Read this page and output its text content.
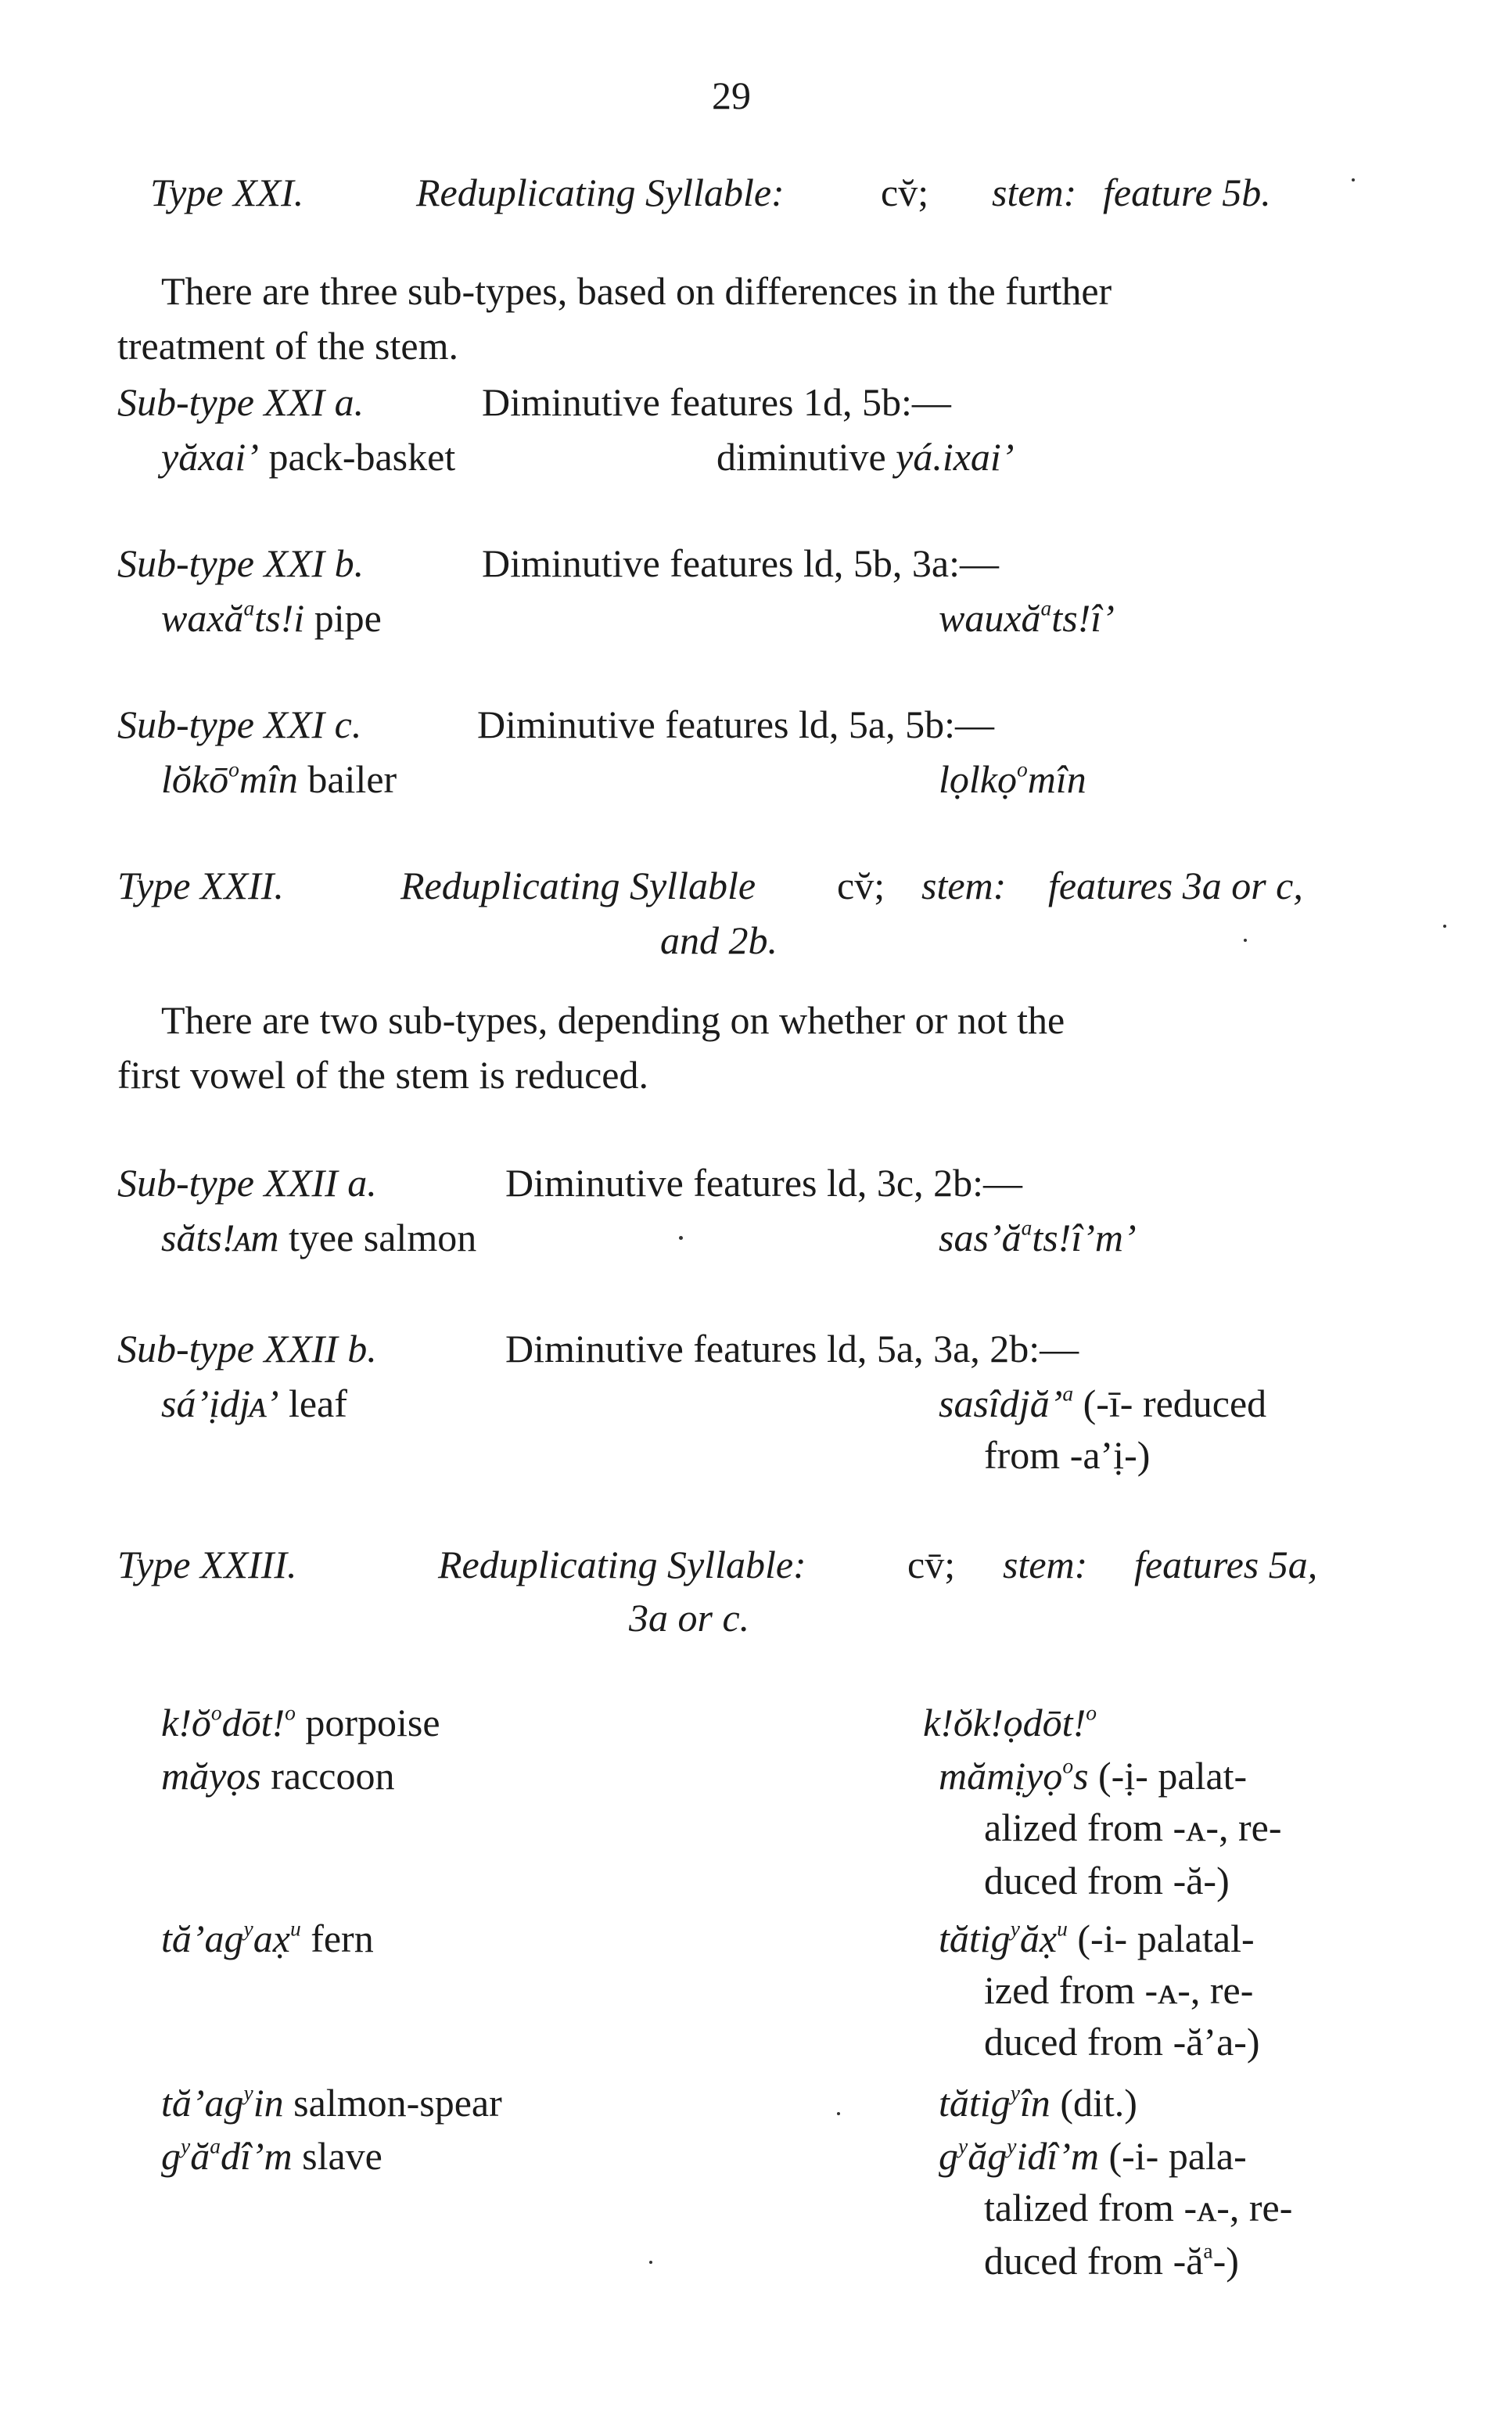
29
Type XXI.	Reduplicating Syllable: cv̆; stem: feature 5b.
There are three sub-types, based on differences in the further
treatment of the stem.
Sub-type XXI a.	Diminutive features 1d, 5b:—
yăxai’ pack-basket	diminutive yá.ixai’
Sub-type XXI b.	Diminutive features ld, 5b, 3a:—
waxă$^a$ts!i pipe	wauxă$^a$ts!î’
Sub-type XXI c.	Diminutive features ld, 5a, 5b:—
lŏkō$^o$mîn bailer	lọlkọ$^o$mîn
Type XXII.	Reduplicating Syllable cv̆; stem: features 3a or c,
and 2b.
There are two sub-types, depending on whether or not the
first vowel of the stem is reduced.
Sub-type XXII a.	Diminutive features ld, 3c, 2b:—
săts!ᴀm tyee salmon	$sas’ă^ats!î’m$’
Sub-type XXII b.	Diminutive features ld, 5a, 3a, 2b:—
sá’ịdjᴀ’ leaf	sasîdjă’$^a$ (-ī- reduced
from -a’ị-)
Type XXIII.	Reduplicating Syllable:	cv̄; stem: features 5a,
3a or c.
$k!ŏ^odōt!^o$ porpoise	k!ŏk!ọdōt!$^o$
măyọs raccoon	mămịyọ$^o$s (-ị- palat-
alized from -ᴀ-, re-
duced from -ă-)
$tă’ag^yax̣^u$ fern	tătig$^y$ăx̣$^u$ (-i- palatal-
ized from -ᴀ-, re-
duced from -ă’a-)
$tă’ag^yin$ salmon-spear	tătig$^y$în (dit.)
$g^yă^adî’m$ slave	$g^yăg^yidî’m$ (-i- pala-
talized from -ᴀ-, re-
duced from $-ă^a-$)
